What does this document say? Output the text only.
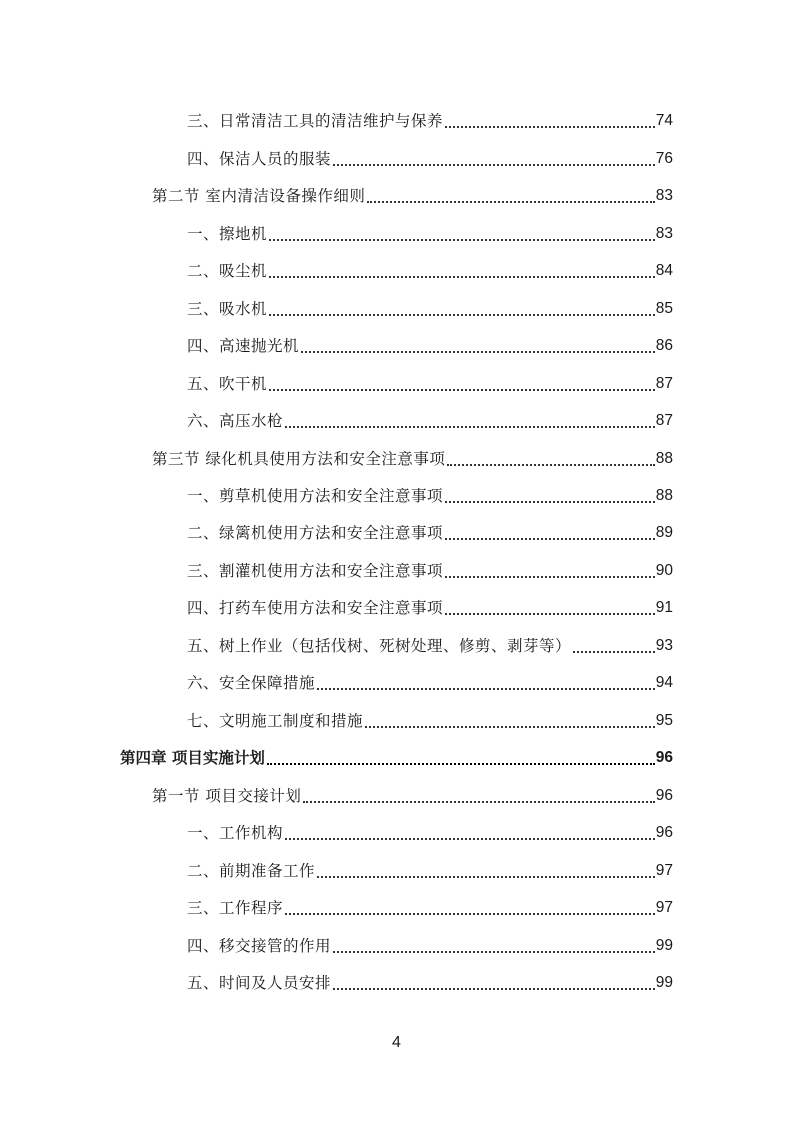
三、日常清洁工具的清洁维护与保养	74
四、保洁人员的服装	76
第二节 室内清洁设备操作细则	83
一、擦地机	83
二、吸尘机	84
三、吸水机	85
四、高速抛光机	86
五、吹干机	87
六、高压水枪	87
第三节 绿化机具使用方法和安全注意事项	88
一、剪草机使用方法和安全注意事项	88
二、绿篱机使用方法和安全注意事项	89
三、割灌机使用方法和安全注意事项	90
四、打药车使用方法和安全注意事项	91
五、树上作业（包括伐树、死树处理、修剪、剥芽等）	93
六、安全保障措施	94
七、文明施工制度和措施	95
第四章 项目实施计划	96
第一节 项目交接计划	96
一、工作机构	96
二、前期准备工作	97
三、工作程序	97
四、移交接管的作用	99
五、时间及人员安排	99
4
